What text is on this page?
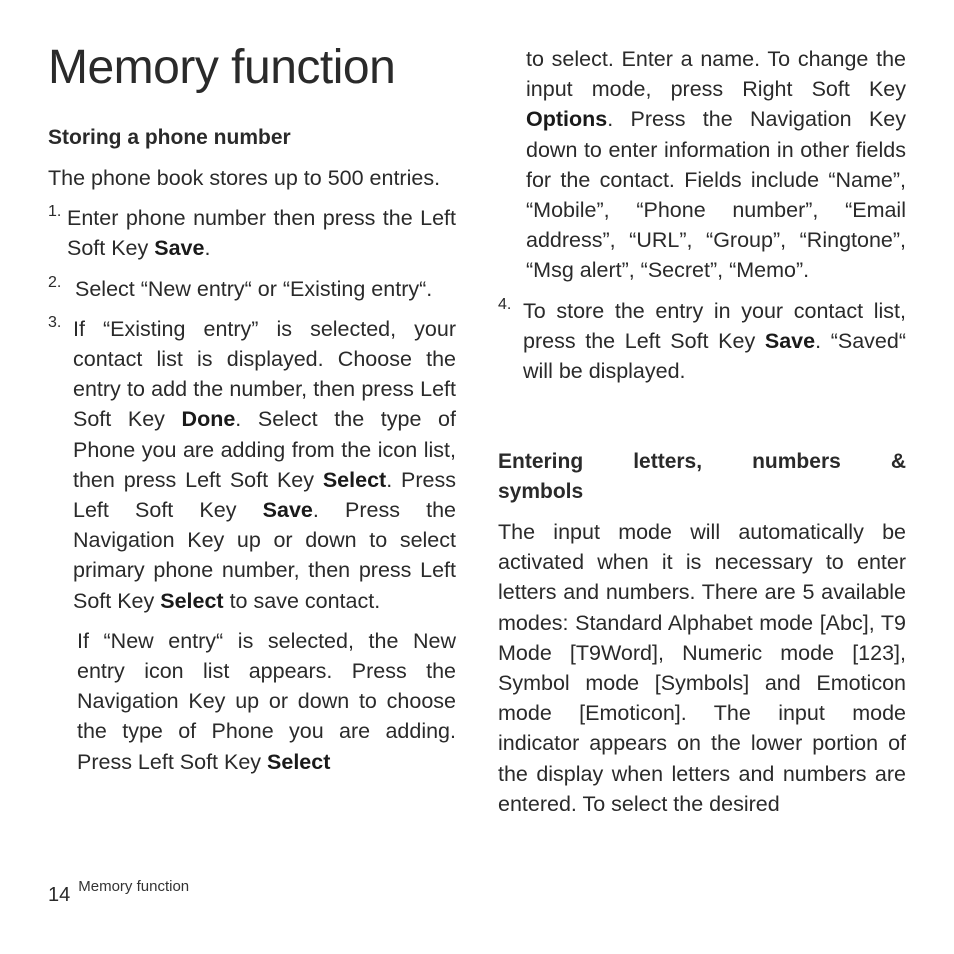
Memory function
Storing a phone number

The phone book stores up to 500 entries.

1. Enter phone number then press the Left Soft Key Save.

2. Select “New entry“ or “Existing entry“.

3. If “Existing entry” is selected, your contact list is displayed. Choose the entry to add the number, then press Left Soft Key Done. Select the type of Phone you are adding from the icon list, then press Left Soft Key Select. Press Left Soft Key Save. Press the Navigation Key up or down to select primary phone number, then press Left Soft Key Select to save contact.

If “New entry“ is selected, the New entry icon list appears. Press the Navigation Key up or down to choose the type of Phone you are adding. Press Left Soft Key Select

to select. Enter a name. To change the input mode, press Right Soft Key Options. Press the Navigation Key down to enter information in other fields for the contact. Fields include “Name”, “Mobile”, “Phone number”, “Email address”, “URL”, “Group”, “Ringtone”, “Msg alert”, “Secret”, “Memo”.

4. To store the entry in your contact list, press the Left Soft Key Save. “Saved“ will be displayed.

Entering letters, numbers &
symbols

The input mode will automatically be activated when it is necessary to enter letters and numbers. There are 5 available modes: Standard Alphabet mode [Abc], T9 Mode [T9Word], Numeric mode [123], Symbol mode [Symbols] and Emoticon mode [Emoticon]. The input mode indicator appears on the lower portion of the display when letters and numbers are entered. To select the desired

14 Memory function
